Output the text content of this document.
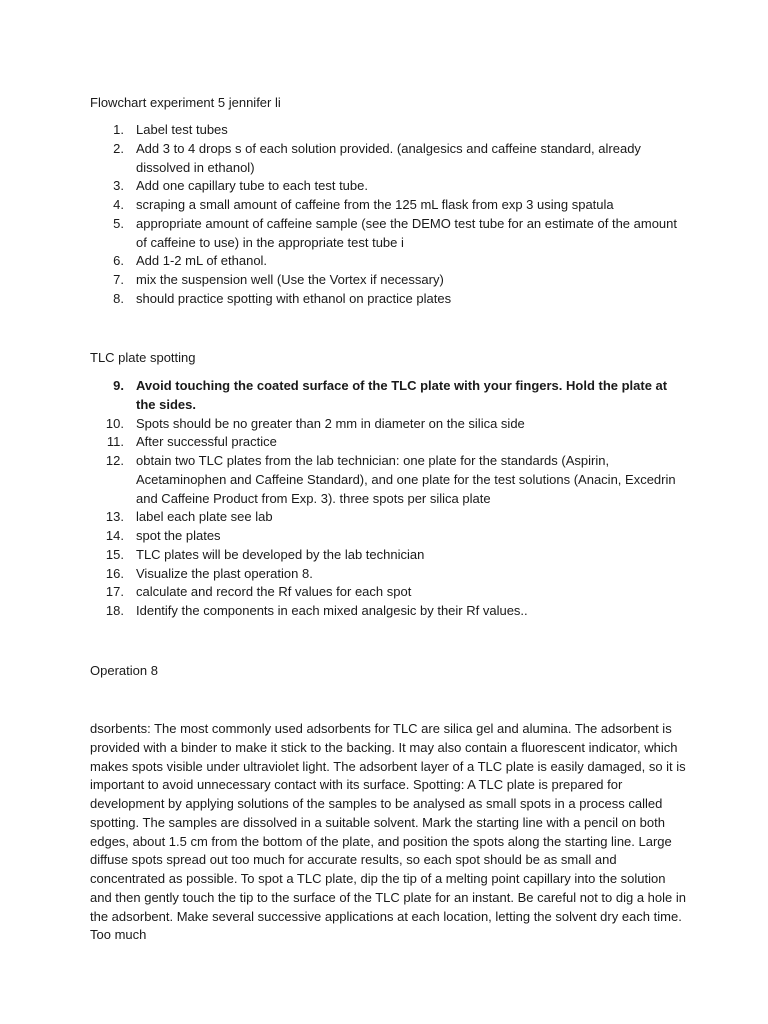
Flowchart experiment 5 jennifer li
1. Label test tubes
2. Add 3 to 4 drops s of each solution provided. (analgesics and caffeine standard, already dissolved in ethanol)
3. Add one capillary tube to each test tube.
4. scraping a small amount of caffeine from the 125 mL flask from exp 3 using spatula
5. appropriate amount of caffeine sample (see the DEMO test tube for an estimate of the amount of caffeine to use) in the appropriate test tube i
6. Add 1-2 mL of ethanol.
7. mix the suspension well (Use the Vortex if necessary)
8. should practice spotting with ethanol on practice plates
TLC plate spotting
9. Avoid touching the coated surface of the TLC plate with your fingers. Hold the plate at the sides.
10. Spots should be no greater than 2 mm in diameter on the silica side
11. After successful practice
12. obtain two TLC plates from the lab technician: one plate for the standards (Aspirin, Acetaminophen and Caffeine Standard), and one plate for the test solutions (Anacin, Excedrin and Caffeine Product from Exp. 3). three spots per silica plate
13. label each plate see lab
14. spot the plates
15. TLC plates will be developed by the lab technician
16. Visualize the plast operation 8.
17. calculate and record the Rf values for each spot
18. Identify the components in each mixed analgesic by their Rf values..
Operation 8

dsorbents: The most commonly used adsorbents for TLC are silica gel and alumina. The adsorbent is provided with a binder to make it stick to the backing. It may also contain a fluorescent indicator, which makes spots visible under ultraviolet light. The adsorbent layer of a TLC plate is easily damaged, so it is important to avoid unnecessary contact with its surface. Spotting: A TLC plate is prepared for development by applying solutions of the samples to be analysed as small spots in a process called spotting. The samples are dissolved in a suitable solvent. Mark the starting line with a pencil on both edges, about 1.5 cm from the bottom of the plate, and position the spots along the starting line. Large diffuse spots spread out too much for accurate results, so each spot should be as small and concentrated as possible. To spot a TLC plate, dip the tip of a melting point capillary into the solution and then gently touch the tip to the surface of the TLC plate for an instant. Be careful not to dig a hole in the adsorbent. Make several successive applications at each location, letting the solvent dry each time. Too much
